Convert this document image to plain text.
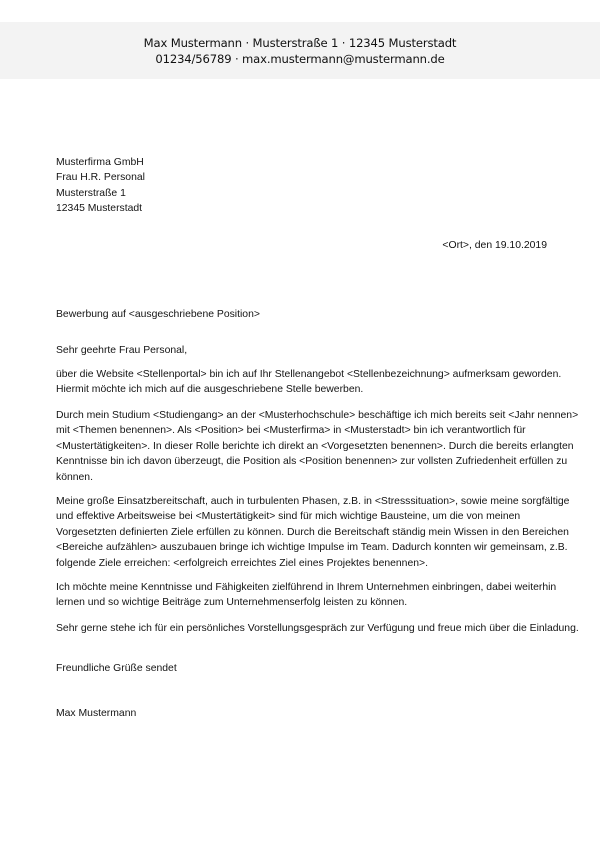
Max Mustermann · Musterstraße 1 · 12345 Musterstadt
01234/56789 · max.mustermann@mustermann.de
Musterfirma GmbH
Frau H.R. Personal
Musterstraße 1
12345 Musterstadt
<Ort>, den 19.10.2019
Bewerbung auf <ausgeschriebene Position>
Sehr geehrte Frau Personal,
über die Website <Stellenportal> bin ich auf Ihr Stellenangebot <Stellenbezeichnung> aufmerksam geworden.
Hiermit möchte ich mich auf die ausgeschriebene Stelle bewerben.
Durch mein Studium <Studiengang> an der <Musterhochschule> beschäftige ich mich bereits seit <Jahr nennen>
mit <Themen benennen>. Als <Position> bei <Musterfirma> in <Musterstadt> bin ich verantwortlich für
<Mustertätigkeiten>. In dieser Rolle berichte ich direkt an <Vorgesetzten benennen>. Durch die bereits erlangten
Kenntnisse bin ich davon überzeugt, die Position als <Position benennen> zur vollsten Zufriedenheit erfüllen zu
können.
Meine große Einsatzbereitschaft, auch in turbulenten Phasen, z.B. in <Stresssituation>, sowie meine sorgfältige
und effektive Arbeitsweise bei <Mustertätigkeit> sind für mich wichtige Bausteine, um die von meinen
Vorgesetzten definierten Ziele erfüllen zu können. Durch die Bereitschaft ständig mein Wissen in den Bereichen
<Bereiche aufzählen> auszubauen bringe ich wichtige Impulse im Team. Dadurch konnten wir gemeinsam, z.B.
folgende Ziele erreichen: <erfolgreich erreichtes Ziel eines Projektes benennen>.
Ich möchte meine Kenntnisse und Fähigkeiten zielführend in Ihrem Unternehmen einbringen, dabei weiterhin
lernen und so wichtige Beiträge zum Unternehmenserfolg leisten zu können.
Sehr gerne stehe ich für ein persönliches Vorstellungsgespräch zur Verfügung und freue mich über die Einladung.
Freundliche Grüße sendet
Max Mustermann
